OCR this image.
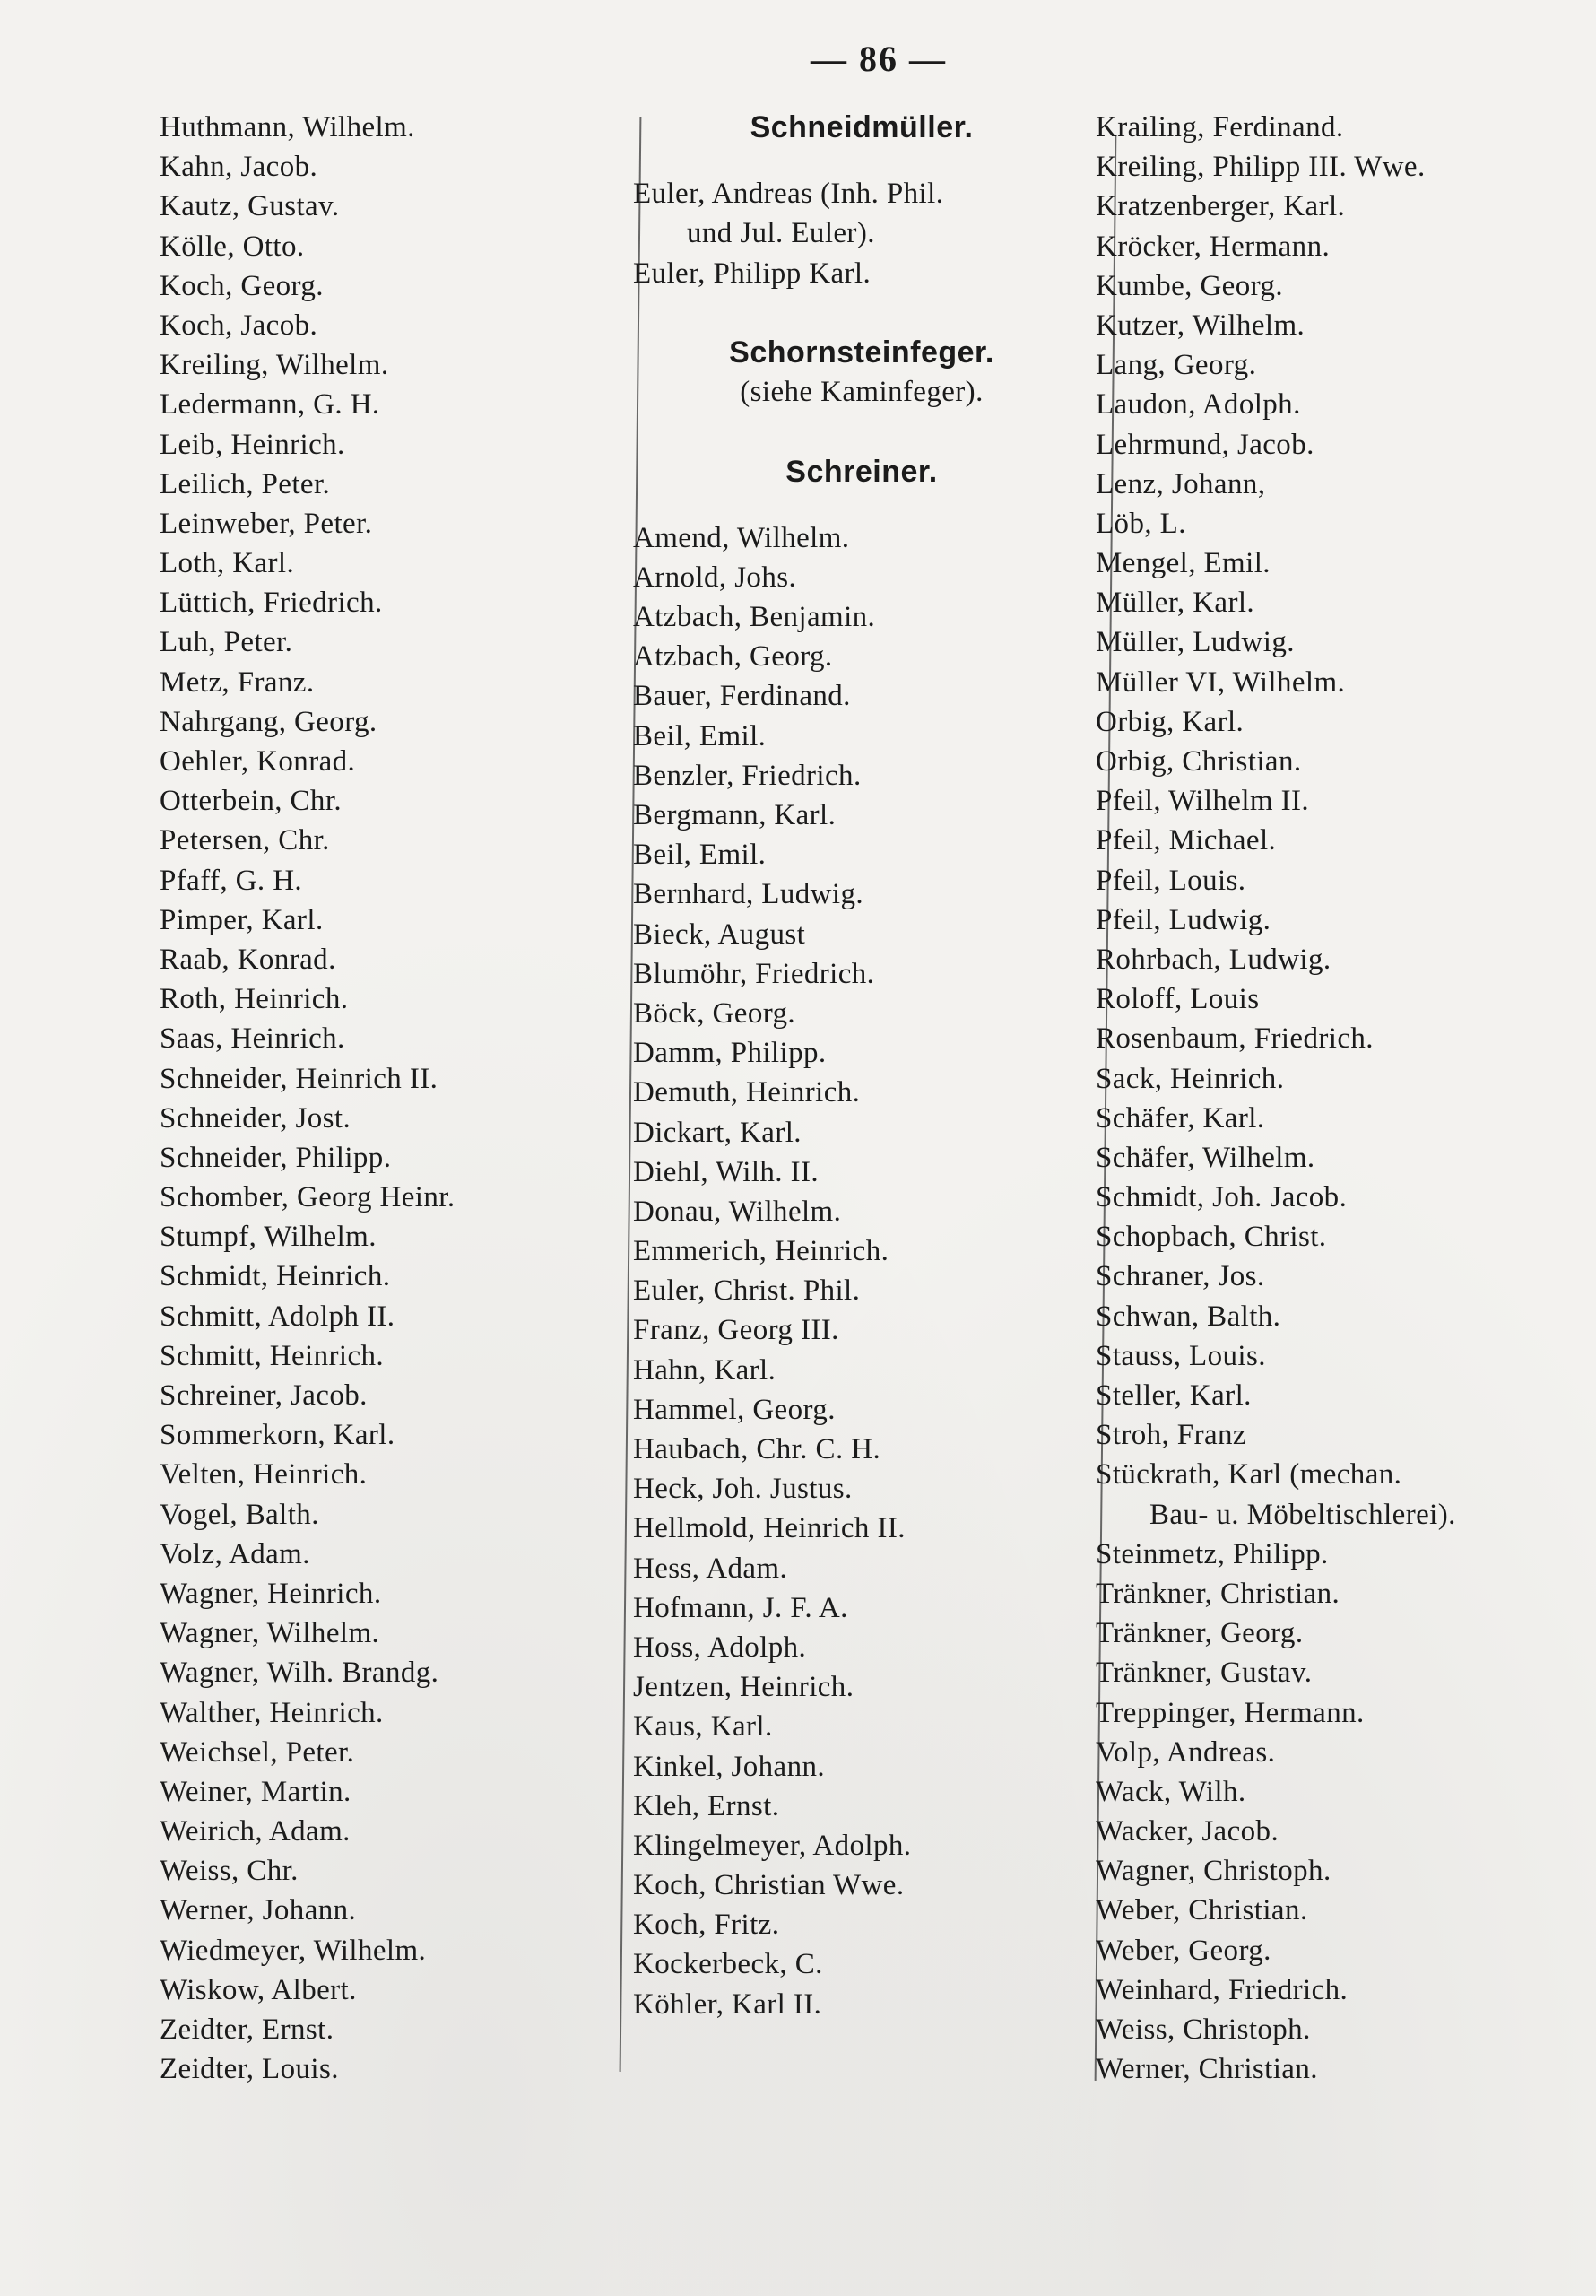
— 86 —
Huthmann, Wilhelm.
Kahn, Jacob.
Kautz, Gustav.
Kölle, Otto.
Koch, Georg.
Koch, Jacob.
Kreiling, Wilhelm.
Ledermann, G. H.
Leib, Heinrich.
Leilich, Peter.
Leinweber, Peter.
Loth, Karl.
Lüttich, Friedrich.
Luh, Peter.
Metz, Franz.
Nahrgang, Georg.
Oehler, Konrad.
Otterbein, Chr.
Petersen, Chr.
Pfaff, G. H.
Pimper, Karl.
Raab, Konrad.
Roth, Heinrich.
Saas, Heinrich.
Schneider, Heinrich II.
Schneider, Jost.
Schneider, Philipp.
Schomber, Georg Heinr.
Stumpf, Wilhelm.
Schmidt, Heinrich.
Schmitt, Adolph II.
Schmitt, Heinrich.
Schreiner, Jacob.
Sommerkorn, Karl.
Velten, Heinrich.
Vogel, Balth.
Volz, Adam.
Wagner, Heinrich.
Wagner, Wilhelm.
Wagner, Wilh. Brandg.
Walther, Heinrich.
Weichsel, Peter.
Weiner, Martin.
Weirich, Adam.
Weiss, Chr.
Werner, Johann.
Wiedmeyer, Wilhelm.
Wiskow, Albert.
Zeidter, Ernst.
Zeidter, Louis.
Schneidmüller.
Euler, Andreas (Inh. Phil.
und Jul. Euler).
Euler, Philipp Karl.
Schornsteinfeger.
(siehe Kaminfeger).
Schreiner.
Amend, Wilhelm.
Arnold, Johs.
Atzbach, Benjamin.
Atzbach, Georg.
Bauer, Ferdinand.
Beil, Emil.
Benzler, Friedrich.
Bergmann, Karl.
Beil, Emil.
Bernhard, Ludwig.
Bieck, August
Blumöhr, Friedrich.
Böck, Georg.
Damm, Philipp.
Demuth, Heinrich.
Dickart, Karl.
Diehl, Wilh. II.
Donau, Wilhelm.
Emmerich, Heinrich.
Euler, Christ. Phil.
Franz, Georg III.
Hahn, Karl.
Hammel, Georg.
Haubach, Chr. C. H.
Heck, Joh. Justus.
Hellmold, Heinrich II.
Hess, Adam.
Hofmann, J. F. A.
Hoss, Adolph.
Jentzen, Heinrich.
Kaus, Karl.
Kinkel, Johann.
Kleh, Ernst.
Klingelmeyer, Adolph.
Koch, Christian Wwe.
Koch, Fritz.
Kockerbeck, C.
Köhler, Karl II.
Krailing, Ferdinand.
Kreiling, Philipp III. Wwe.
Kratzenberger, Karl.
Kröcker, Hermann.
Kumbe, Georg.
Kutzer, Wilhelm.
Lang, Georg.
Laudon, Adolph.
Lehrmund, Jacob.
Lenz, Johann,
Löb, L.
Mengel, Emil.
Müller, Karl.
Müller, Ludwig.
Müller VI, Wilhelm.
Orbig, Karl.
Orbig, Christian.
Pfeil, Wilhelm II.
Pfeil, Michael.
Pfeil, Louis.
Pfeil, Ludwig.
Rohrbach, Ludwig.
Roloff, Louis
Rosenbaum, Friedrich.
Sack, Heinrich.
Schäfer, Karl.
Schäfer, Wilhelm.
Schmidt, Joh. Jacob.
Schopbach, Christ.
Schraner, Jos.
Schwan, Balth.
Stauss, Louis.
Steller, Karl.
Stroh, Franz
Stückrath, Karl (mechan.
Bau- u. Möbeltischlerei).
Steinmetz, Philipp.
Tränkner, Christian.
Tränkner, Georg.
Tränkner, Gustav.
Treppinger, Hermann.
Volp, Andreas.
Wack, Wilh.
Wacker, Jacob.
Wagner, Christoph.
Weber, Christian.
Weber, Georg.
Weinhard, Friedrich.
Weiss, Christoph.
Werner, Christian.
